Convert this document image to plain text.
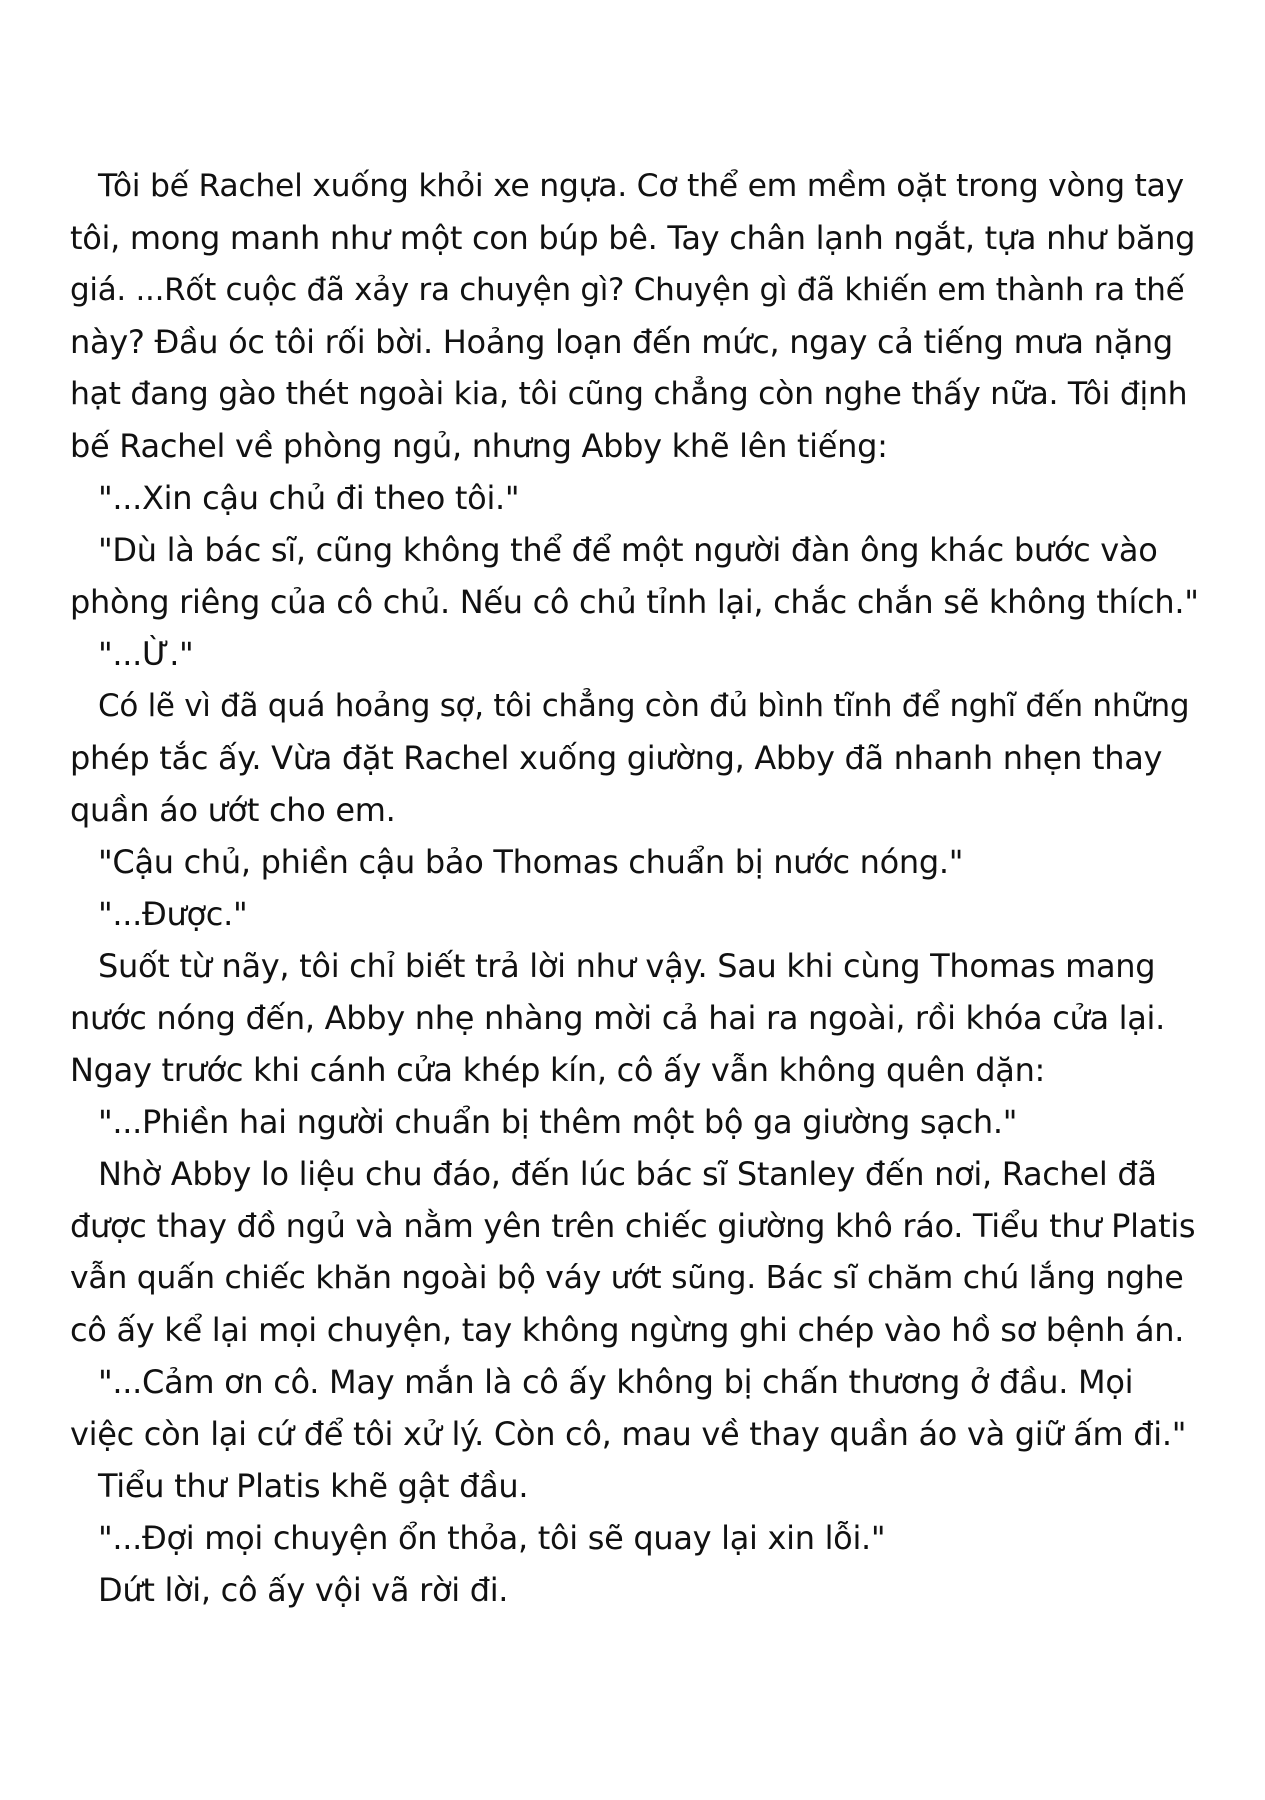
Tôi bế Rachel xuống khỏi xe ngựa. Cơ thể em mềm oặt trong vòng tay
tôi, mong manh như một con búp bê. Tay chân lạnh ngắt, tựa như băng
giá. ...Rốt cuộc đã xảy ra chuyện gì? Chuyện gì đã khiến em thành ra thế
này? Đầu óc tôi rối bời. Hoảng loạn đến mức, ngay cả tiếng mưa nặng
hạt đang gào thét ngoài kia, tôi cũng chẳng còn nghe thấy nữa. Tôi định
bế Rachel về phòng ngủ, nhưng Abby khẽ lên tiếng:
"...Xin cậu chủ đi theo tôi."
"Dù là bác sĩ, cũng không thể để một người đàn ông khác bước vào
phòng riêng của cô chủ. Nếu cô chủ tỉnh lại, chắc chắn sẽ không thích."
"...Ừ."
Có lẽ vì đã quá hoảng sợ, tôi chẳng còn đủ bình tĩnh để nghĩ đến những
phép tắc ấy. Vừa đặt Rachel xuống giường, Abby đã nhanh nhẹn thay
quần áo ướt cho em.
"Cậu chủ, phiền cậu bảo Thomas chuẩn bị nước nóng."
"...Được."
Suốt từ nãy, tôi chỉ biết trả lời như vậy. Sau khi cùng Thomas mang
nước nóng đến, Abby nhẹ nhàng mời cả hai ra ngoài, rồi khóa cửa lại.
Ngay trước khi cánh cửa khép kín, cô ấy vẫn không quên dặn:
"...Phiền hai người chuẩn bị thêm một bộ ga giường sạch."
Nhờ Abby lo liệu chu đáo, đến lúc bác sĩ Stanley đến nơi, Rachel đã
được thay đồ ngủ và nằm yên trên chiếc giường khô ráo. Tiểu thư Platis
vẫn quấn chiếc khăn ngoài bộ váy ướt sũng. Bác sĩ chăm chú lắng nghe
cô ấy kể lại mọi chuyện, tay không ngừng ghi chép vào hồ sơ bệnh án.
"...Cảm ơn cô. May mắn là cô ấy không bị chấn thương ở đầu. Mọi
việc còn lại cứ để tôi xử lý. Còn cô, mau về thay quần áo và giữ ấm đi."
Tiểu thư Platis khẽ gật đầu.
"...Đợi mọi chuyện ổn thỏa, tôi sẽ quay lại xin lỗi."
Dứt lời, cô ấy vội vã rời đi.
